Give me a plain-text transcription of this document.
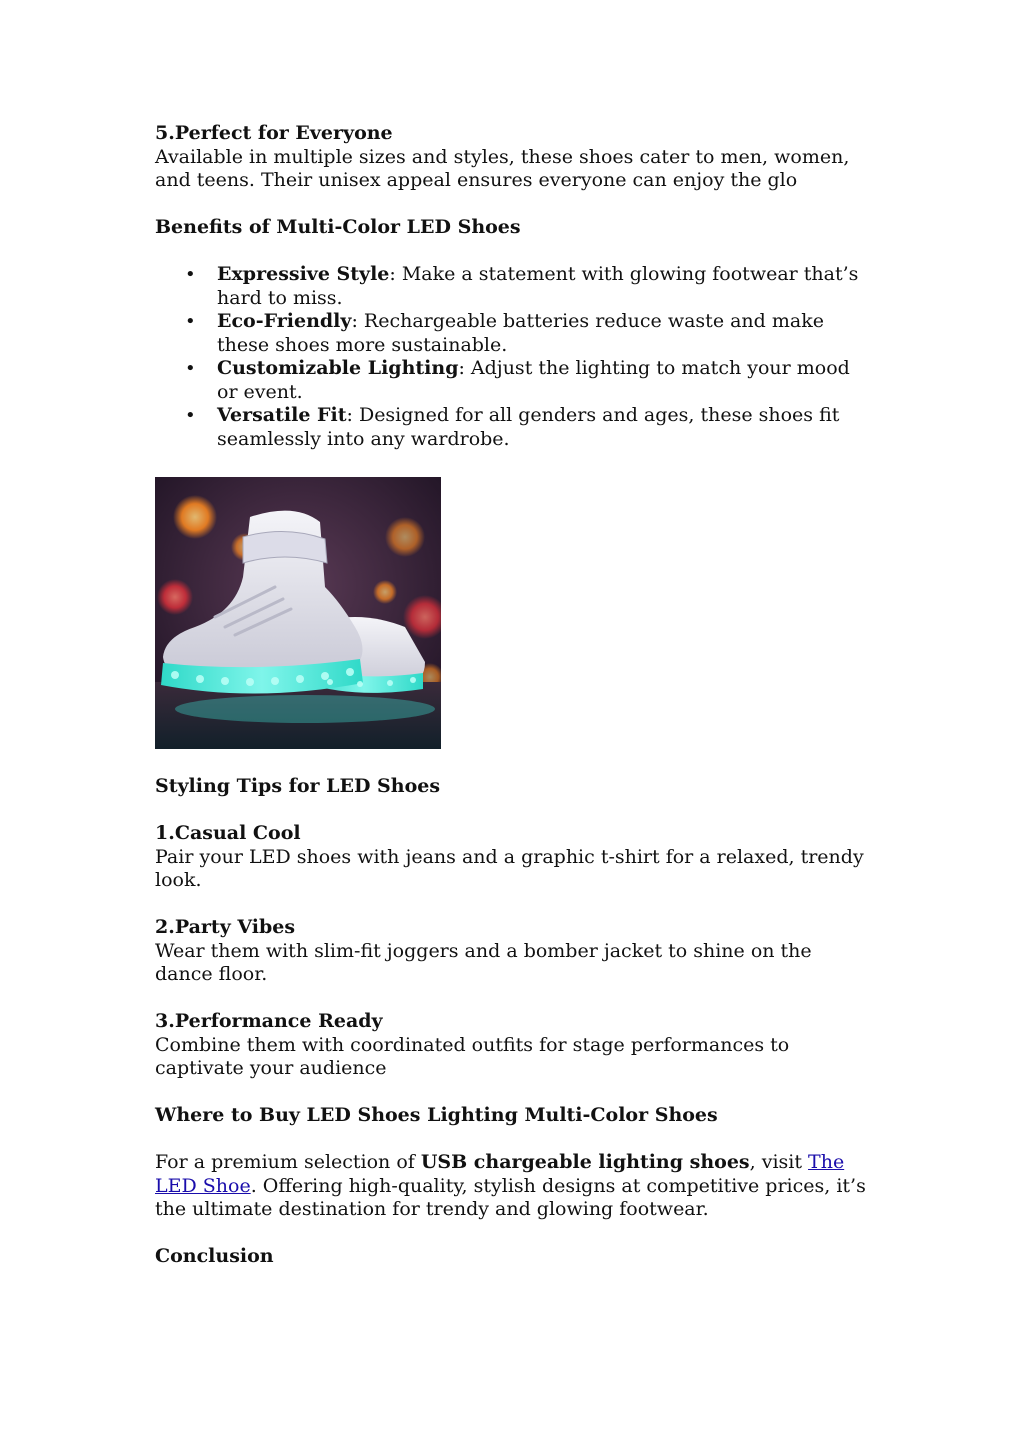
5.Perfect for Everyone

Available in multiple sizes and styles, these shoes cater to men, women, and teens. Their unisex appeal ensures everyone can enjoy the glo

Benefits of Multi-Color LED Shoes

• Expressive Style: Make a statement with glowing footwear that’s hard to miss.
• Eco-Friendly: Rechargeable batteries reduce waste and make these shoes more sustainable.
• Customizable Lighting: Adjust the lighting to match your mood or event.
• Versatile Fit: Designed for all genders and ages, these shoes fit seamlessly into any wardrobe.

Styling Tips for LED Shoes

1.Casual Cool

Pair your LED shoes with jeans and a graphic t-shirt for a relaxed, trendy look.

2.Party Vibes

Wear them with slim-fit joggers and a bomber jacket to shine on the dance floor.

3.Performance Ready

Combine them with coordinated outfits for stage performances to captivate your audience

Where to Buy LED Shoes Lighting Multi-Color Shoes

For a premium selection of USB chargeable lighting shoes, visit The LED Shoe. Offering high-quality, stylish designs at competitive prices, it’s the ultimate destination for trendy and glowing footwear.

Conclusion
